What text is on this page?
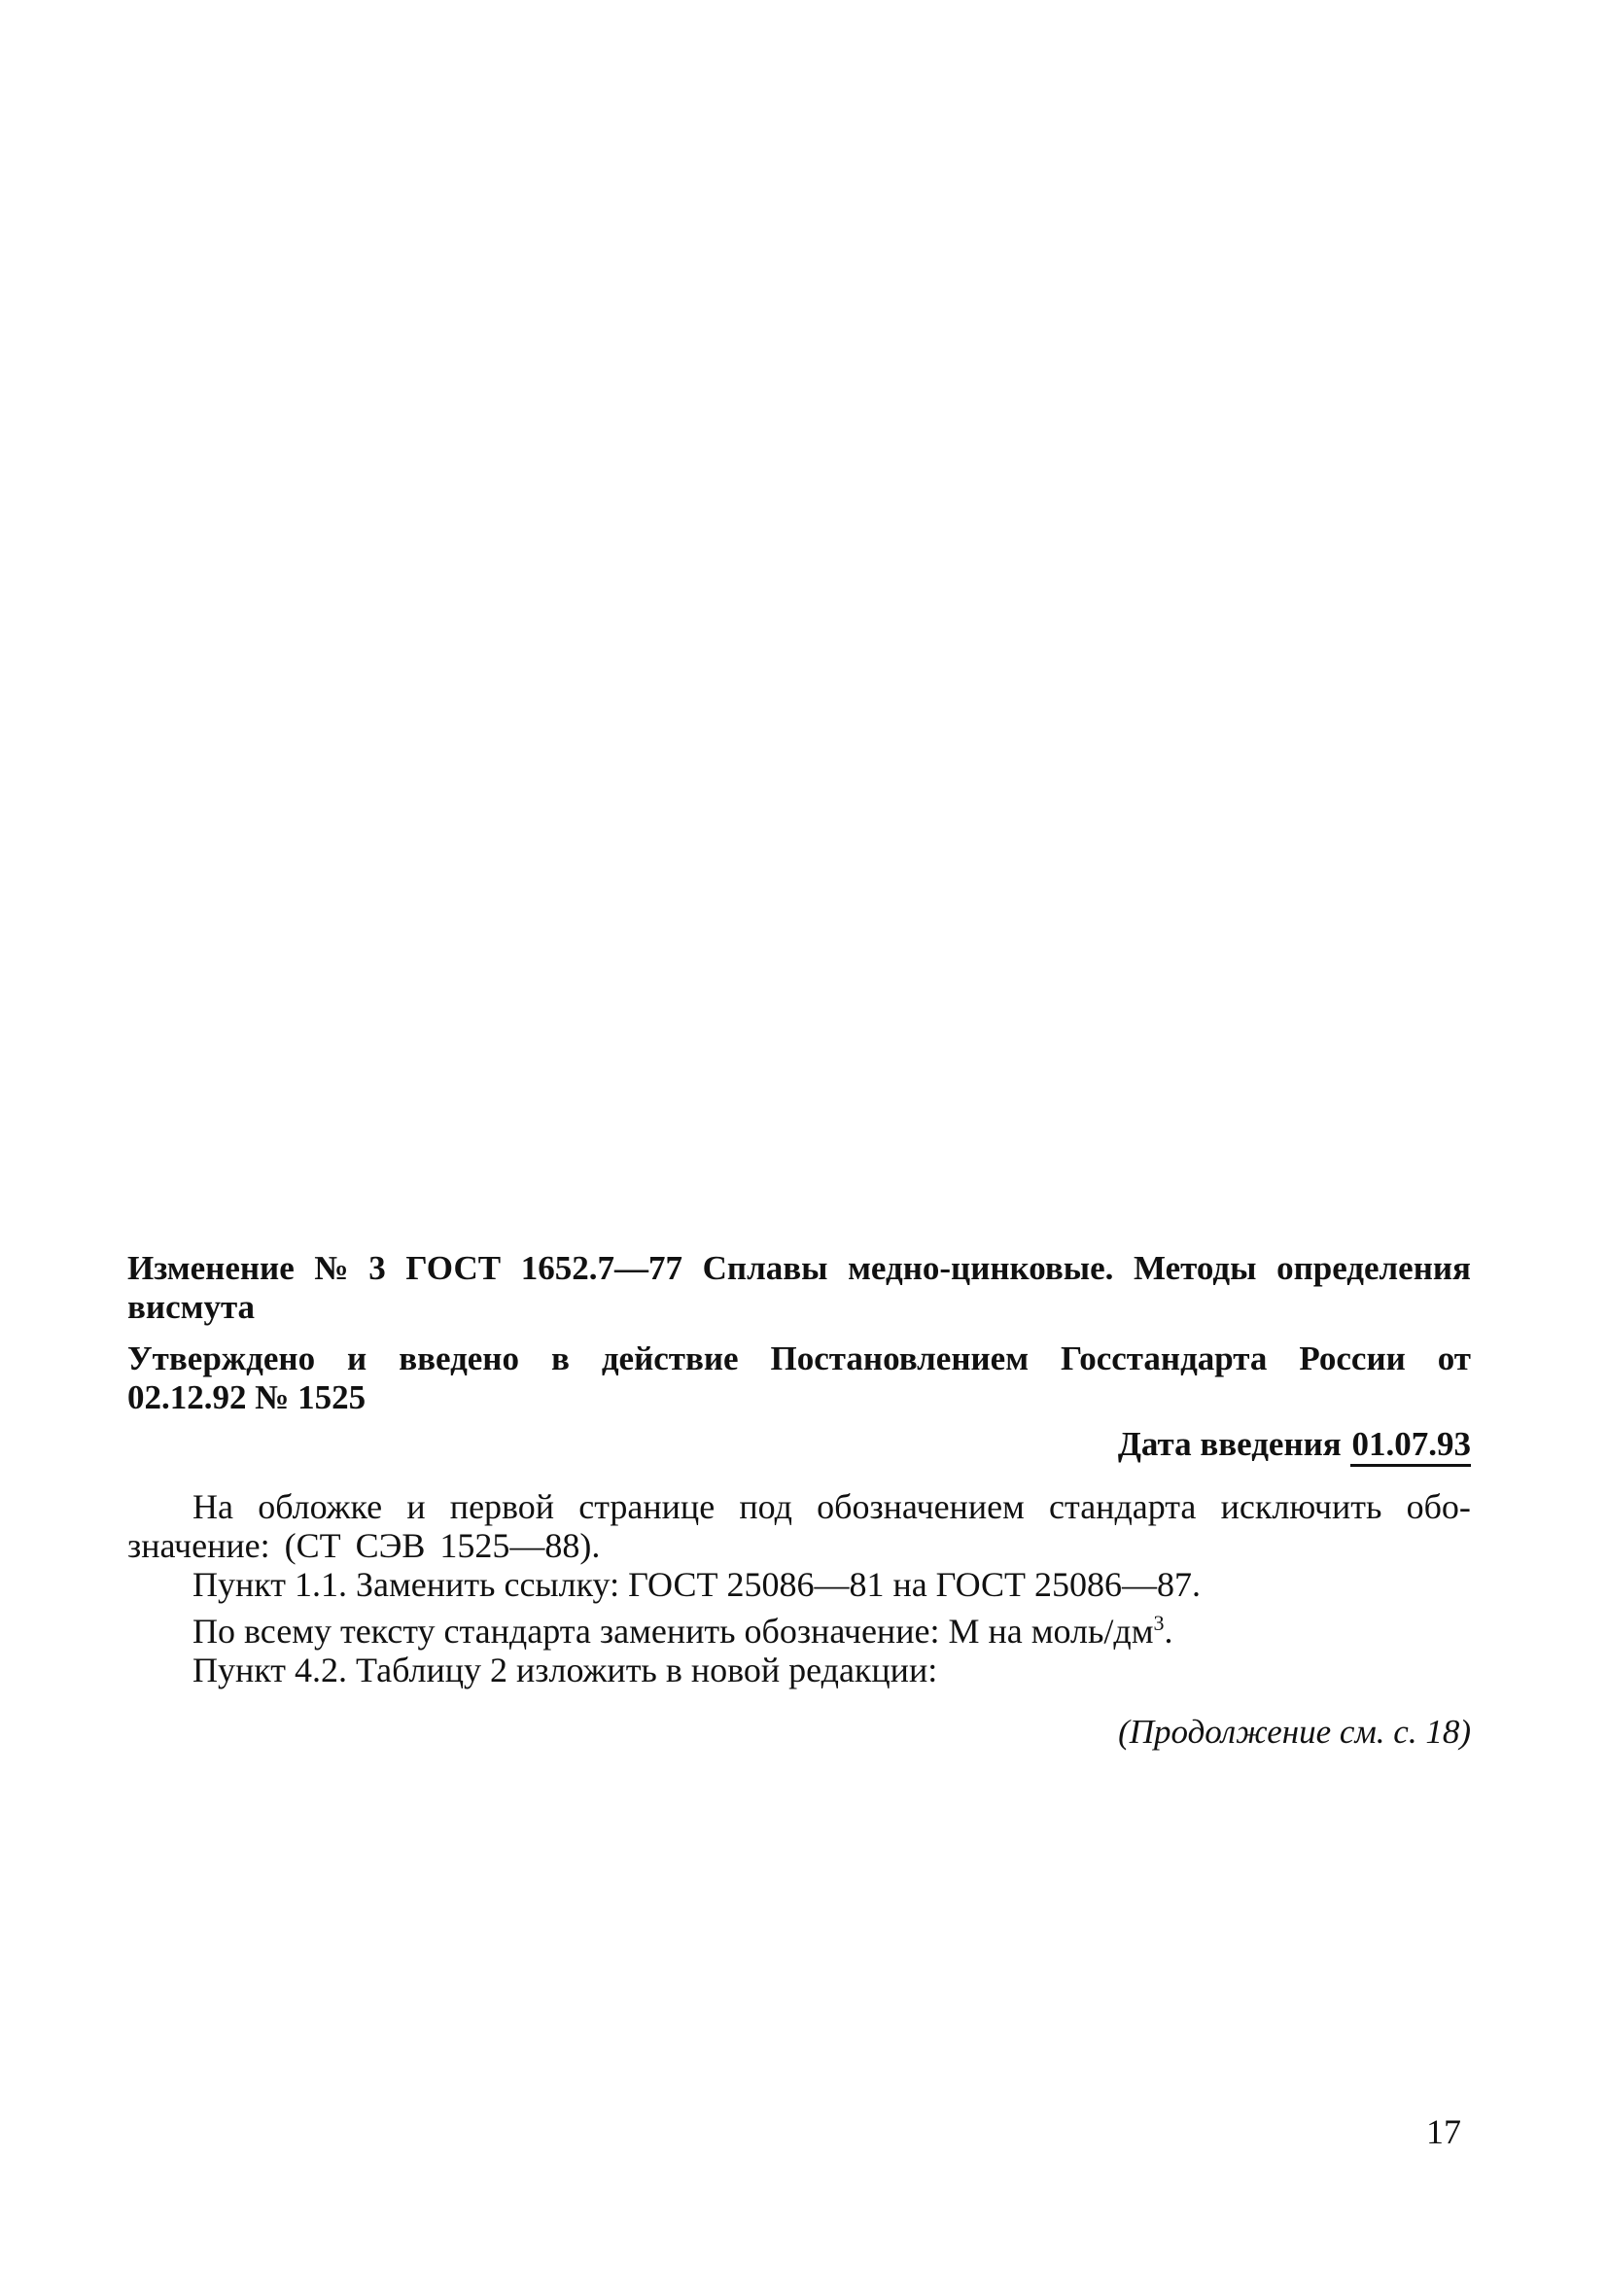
Изменение № 3 ГОСТ 1652.7—77 Сплавы медно-цинковые. Методы определения
висмута
Утверждено и введено в действие Постановлением Госстандарта России от
02.12.92 № 1525
Дата введения 01.07.93
На обложке и первой странице под обозначением стандарта исключить обо-
значение: (СТ СЭВ 1525—88).
Пункт 1.1. Заменить ссылку: ГОСТ 25086—81 на ГОСТ 25086—87.
По всему тексту стандарта заменить обозначение: М на моль/$дм^3$.
Пункт 4.2. Таблицу 2 изложить в новой редакции:
(Продолжение см. с. 18)
17
